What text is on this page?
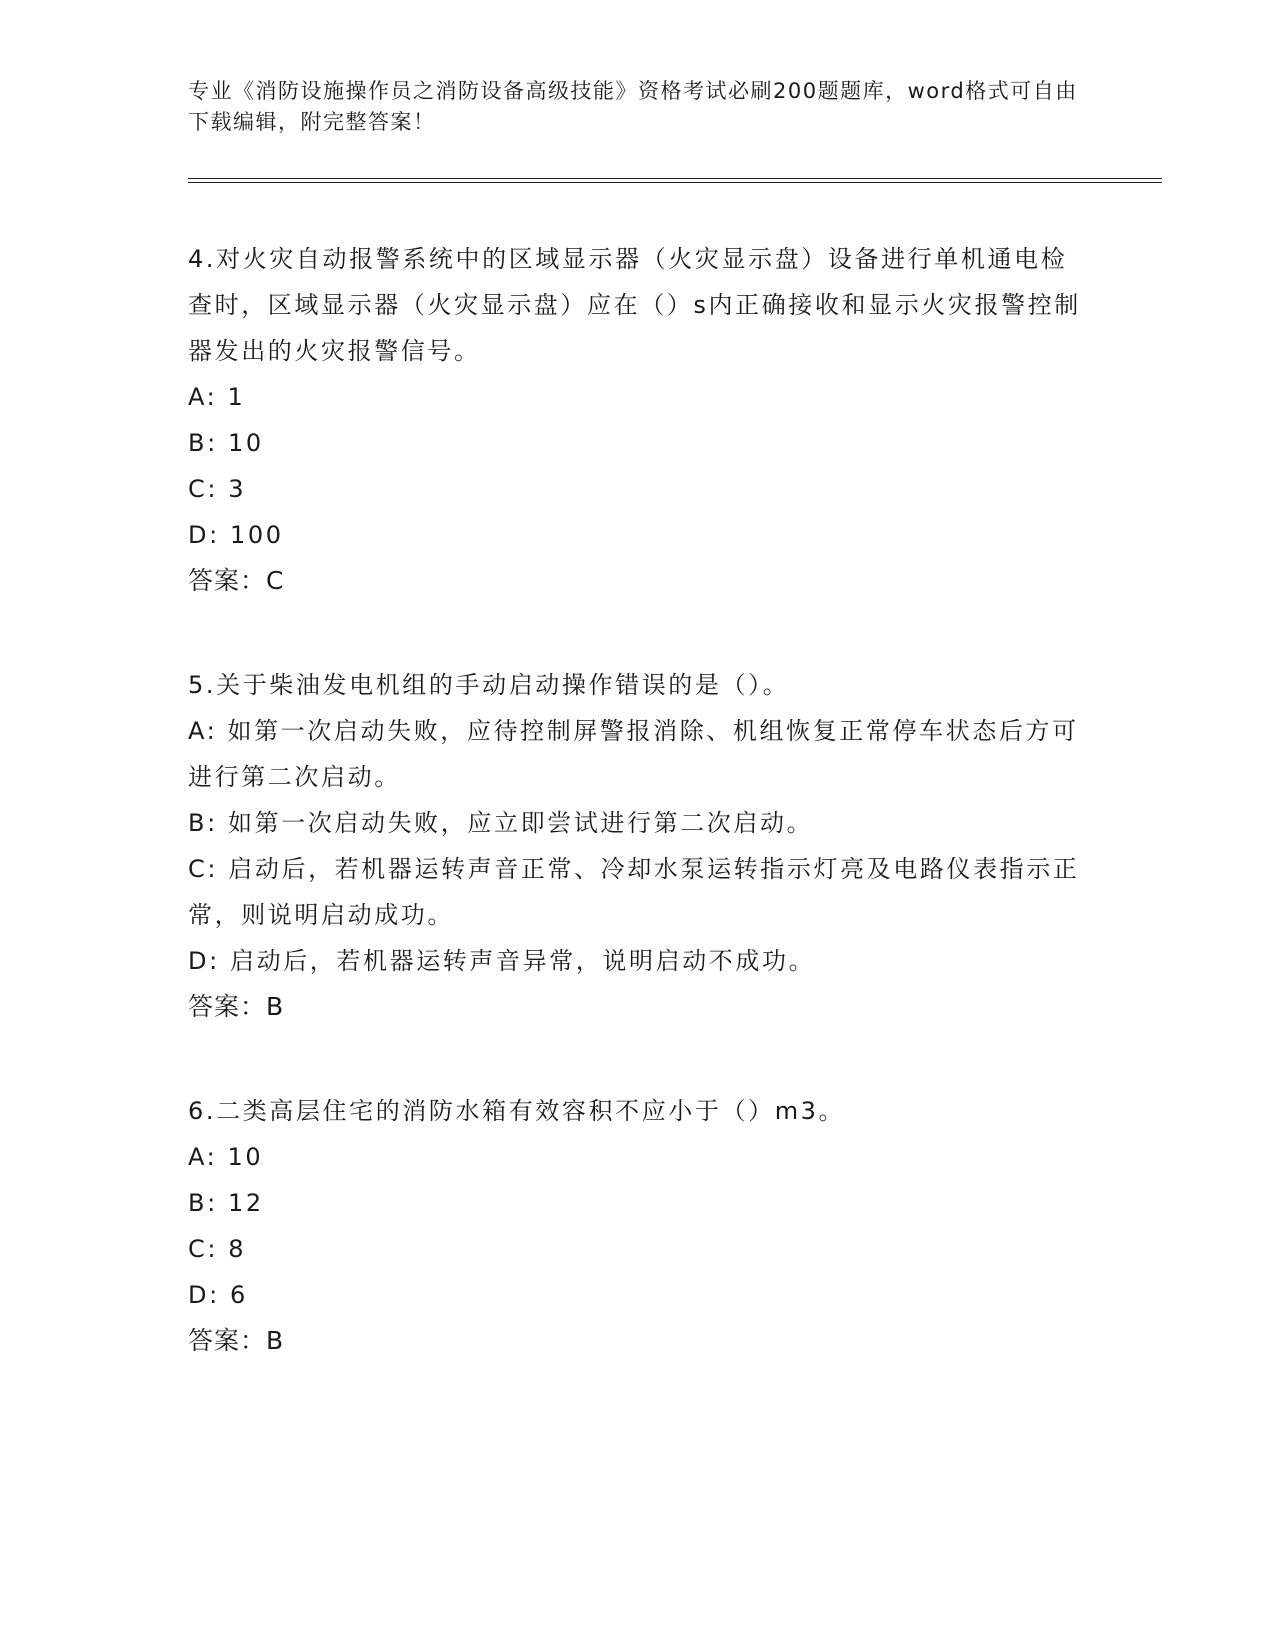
专业《消防设施操作员之消防设备高级技能》资格考试必刷200题题库，word格式可自由下载编辑，附完整答案！

4.对火灾自动报警系统中的区域显示器（火灾显示盘）设备进行单机通电检查时，区域显示器（火灾显示盘）应在（）s内正确接收和显示火灾报警控制器发出的火灾报警信号。

A: 1

B: 10

C: 3

D: 100

答案：C

5.关于柴油发电机组的手动启动操作错误的是（）。

A: 如第一次启动失败，应待控制屏警报消除、机组恢复正常停车状态后方可进行第二次启动。

B: 如第一次启动失败，应立即尝试进行第二次启动。

C: 启动后，若机器运转声音正常、冷却水泵运转指示灯亮及电路仪表指示正常，则说明启动成功。

D: 启动后，若机器运转声音异常，说明启动不成功。

答案：B

6.二类高层住宅的消防水箱有效容积不应小于（）m3。

A: 10

B: 12

C: 8

D: 6

答案：B
